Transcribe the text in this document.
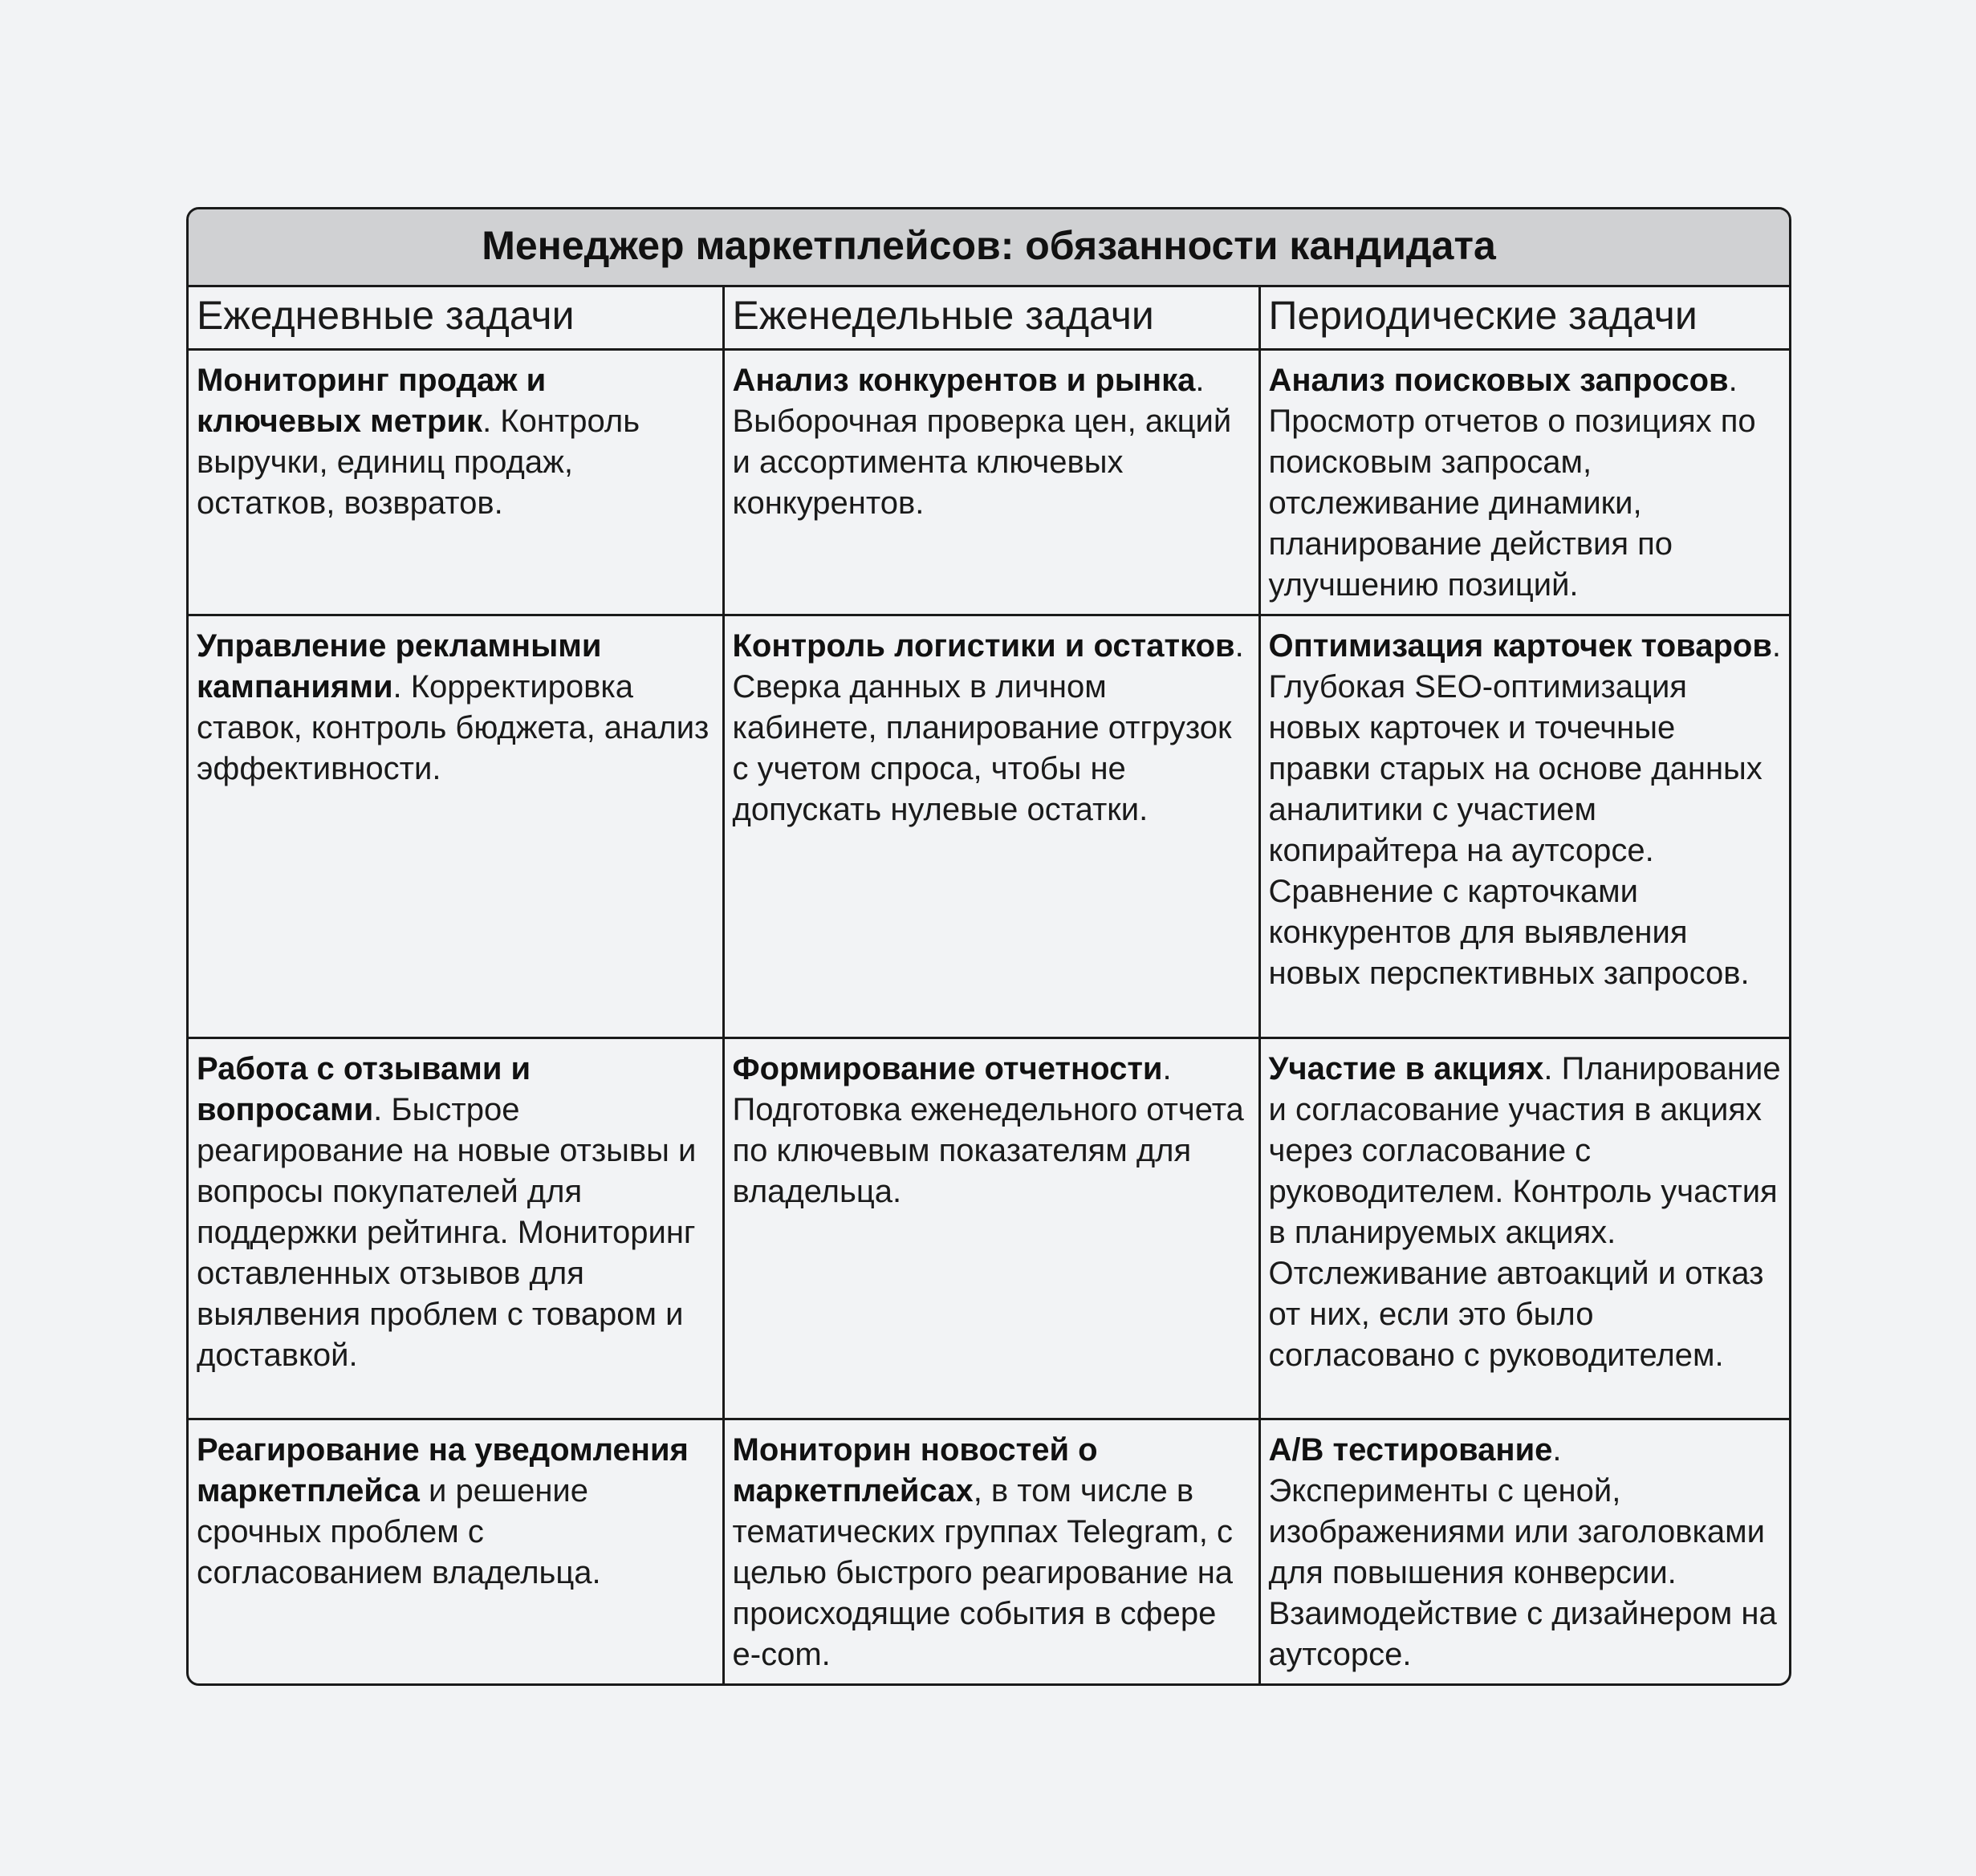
Менеджер маркетплейсов: обязанности кандидата
Ежедневные задачи	Еженедельные задачи	Периодические задачи
Мониторинг продаж и ключевых метрик. Контроль выручки, единиц продаж, остатков, возвратов.	Анализ конкурентов и рынка. Выборочная проверка цен, акций и ассортимента ключевых конкурентов.	Анализ поисковых запросов. Просмотр отчетов о позициях по поисковым запросам, отслеживание динамики, планирование действия по улучшению позиций.
Управление рекламными кампаниями. Корректировка ставок, контроль бюджета, анализ эффективности.	Контроль логистики и остатков. Сверка данных в личном кабинете, планирование отгрузок с учетом спроса, чтобы не допускать нулевые остатки.	Оптимизация карточек товаров. Глубокая SEO-оптимизация новых карточек и точечные правки старых на основе данных аналитики с участием копирайтера на аутсорсе. Сравнение с карточками конкурентов для выявления новых перспективных запросов.
Работа с отзывами и вопросами. Быстрое реагирование на новые отзывы и вопросы покупателей для поддержки рейтинга. Мониторинг оставленных отзывов для выялвения проблем с товаром и доставкой.	Формирование отчетности. Подготовка еженедельного отчета по ключевым показателям для владельца.	Участие в акциях. Планирование и согласование участия в акциях через согласование с руководителем. Контроль участия в планируемых акциях. Отслеживание автоакций и отказ от них, если это было согласовано с руководителем.
Реагирование на уведомления маркетплейса и решение срочных проблем с согласованием владельца.	Мониторин новостей о маркетплейсах, в том числе в тематических группах Telegram, с целью быстрого реагирование на происходящие события в сфере e-com.	A/B тестирование. Эксперименты с ценой, изображениями или заголовками для повышения конверсии. Взаимодействие с дизайнером на аутсорсе.
